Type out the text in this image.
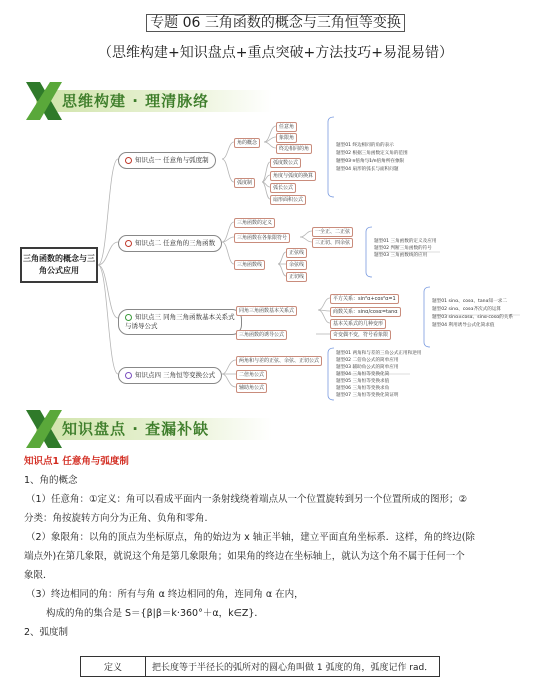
专题 06 三角函数的概念与三角恒等变换
（思维构建+知识盘点+重点突破+方法技巧+易混易错）
思维构建 · 理清脉络
三角函数的概念与三角公式应用
知识点一 任意角与弧度制
知识点二 任意角的三角函数
知识点三 同角三角函数基本关系式与诱导公式
知识点四 三角恒等变换公式
角的概念
弧度制
任意角
象限角
终边相同的角
弧度数公式
角度与弧度的换算
弧长公式
扇形面积公式
题型01 终边相同的角的表示
题型02 根据三角函数定义角的范围
题型03 n倍角与1/n倍角所在象限
题型04 扇形的弧长与面积问题
三角函数的定义
三角函数在各象限符号
三角函数线
一全正、二正弦
三正切、四余弦
正弦线
余弦线
正切线
题型01 三角函数的定义及应用
题型02 判断三角函数的符号
题型03 三角函数线的应用
同角三角函数基本关系式
三角函数的诱导公式
平方关系：sin²α+cos²α=1
商数关系：sinα/cosα=tanα
基本关系式的几种变形
奇变偶不变，符号看象限
题型01 sinα、cosα、tanα知一求二
题型02 sinα、cosα齐次式的运算
题型03 sinα±cosα、sinα·cosα的关系
题型04 利用诱导公式化简求值
两角和与差的正弦、余弦、正切公式
二倍角公式
辅助角公式
题型01 两角和与差的三角公式正用和逆用
题型02 二倍角公式的简单应用
题型03 辅助角公式的简单应用
题型04 三角恒等变换化简
题型05 三角恒等变换求值
题型06 三角恒等变换求角
题型07 三角恒等变换化简证明
知识盘点 · 查漏补缺

知识点1 任意角与弧度制

1、角的概念

（1）任意角：①定义：角可以看成平面内一条射线绕着端点从一个位置旋转到另一个位置所成的图形；②

分类：角按旋转方向分为正角、负角和零角.

（2）象限角：以角的顶点为坐标原点，角的始边为 x 轴正半轴，建立平面直角坐标系．这样，角的终边(除

端点外)在第几象限，就说这个角是第几象限角；如果角的终边在坐标轴上，就认为这个角不属于任何一个

象限．

（3）终边相同的角：所有与角 α 终边相同的角，连同角 α 在内，

构成的角的集合是 S＝{β|β＝k·360°＋α，k∈Z}．

2、弧度制

定义	把长度等于半径长的弧所对的圆心角叫做 1 弧度的角，弧度记作 rad．
